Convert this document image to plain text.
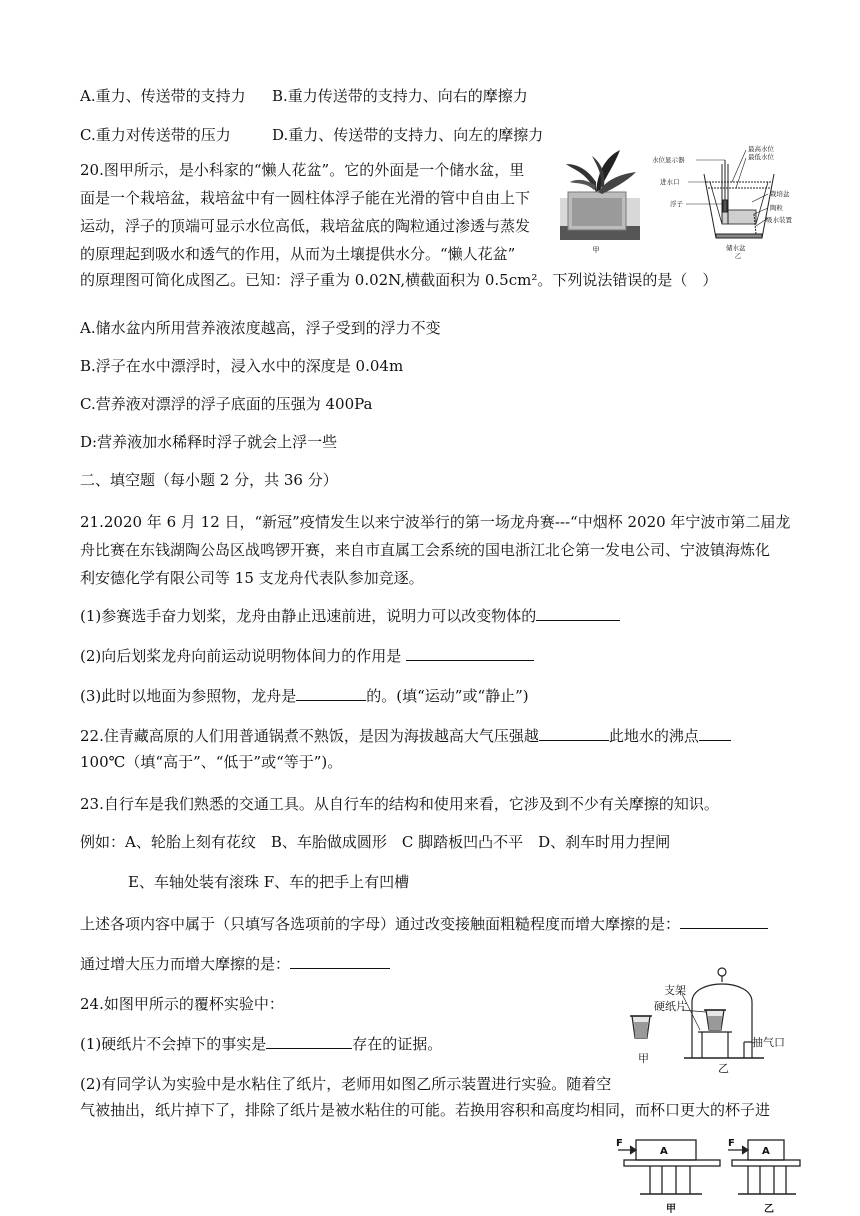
A.重力、传送带的支持力 B.重力传送带的支持力、向右的摩擦力
C.重力对传送带的压力	D.重力、传送带的支持力、向左的摩擦力
20.图甲所示，是小科家的“懒人花盆”。它的外面是一个储水盆，里
面是一个栽培盆，栽培盆中有一圆柱体浮子能在光滑的管中自由上下
运动，浮子的顶端可显示水位高低，栽培盆底的陶粒通过渗透与蒸发
的原理起到吸水和透气的作用，从而为土壤提供水分。“懒人花盆”
的原理图可简化成图乙。已知：浮子重为 0.02N,横截面积为 0.5cm²。下列说法错误的是（　）
甲
水位显示器
进水口
浮子
最高水位
最低水位
栽培盆
陶粒
吸水装置
储水盆
乙
A.储水盆内所用营养液浓度越高，浮子受到的浮力不变
B.浮子在水中漂浮时，浸入水中的深度是 0.04m
C.营养液对漂浮的浮子底面的压强为 400Pa
D:营养液加水稀释时浮子就会上浮一些
二、填空题（每小题 2 分，共 36 分）
21.2020 年 6 月 12 日，“新冠”疫情发生以来宁波举行的第一场龙舟赛---“中烟杯 2020 年宁波市第二届龙
舟比赛在东钱湖陶公岛区战鸣锣开赛，来自市直属工会系统的国电浙江北仑第一发电公司、宁波镇海炼化
利安德化学有限公司等 15 支龙舟代表队参加竞逐。
(1)参赛选手奋力划桨，龙舟由静止迅速前进，说明力可以改变物体的
(2)向后划桨龙舟向前运动说明物体间力的作用是
(3)此时以地面为参照物，龙舟是	的。(填“运动”或“静止”)
22.住青藏高原的人们用普通锅煮不熟饭，是因为海拔越高大气压强越	此地水的沸点
100℃（填“高于”、“低于”或“等于”)。
23.自行车是我们熟悉的交通工具。从自行车的结构和使用来看，它涉及到不少有关摩擦的知识。
例如：A、轮胎上刻有花纹　B、车胎做成圆形　C 脚踏板凹凸不平　D、刹车时用力捏闸
E、车轴处装有滚珠 F、车的把手上有凹槽
上述各项内容中属于（只填写各选项前的字母）通过改变接触面粗糙程度而增大摩擦的是：
通过增大压力而增大摩擦的是：
24.如图甲所示的覆杯实验中：
(1)硬纸片不会掉下的事实是	存在的证据。
(2)有同学认为实验中是水粘住了纸片，老师用如图乙所示装置进行实验。随着空
气被抽出，纸片掉下了，排除了纸片是被水粘住的可能。若换用容积和高度均相同，而杯口更大的杯子进
支架
硬纸片
抽气口
甲
乙
F
A
甲
F
A
乙
